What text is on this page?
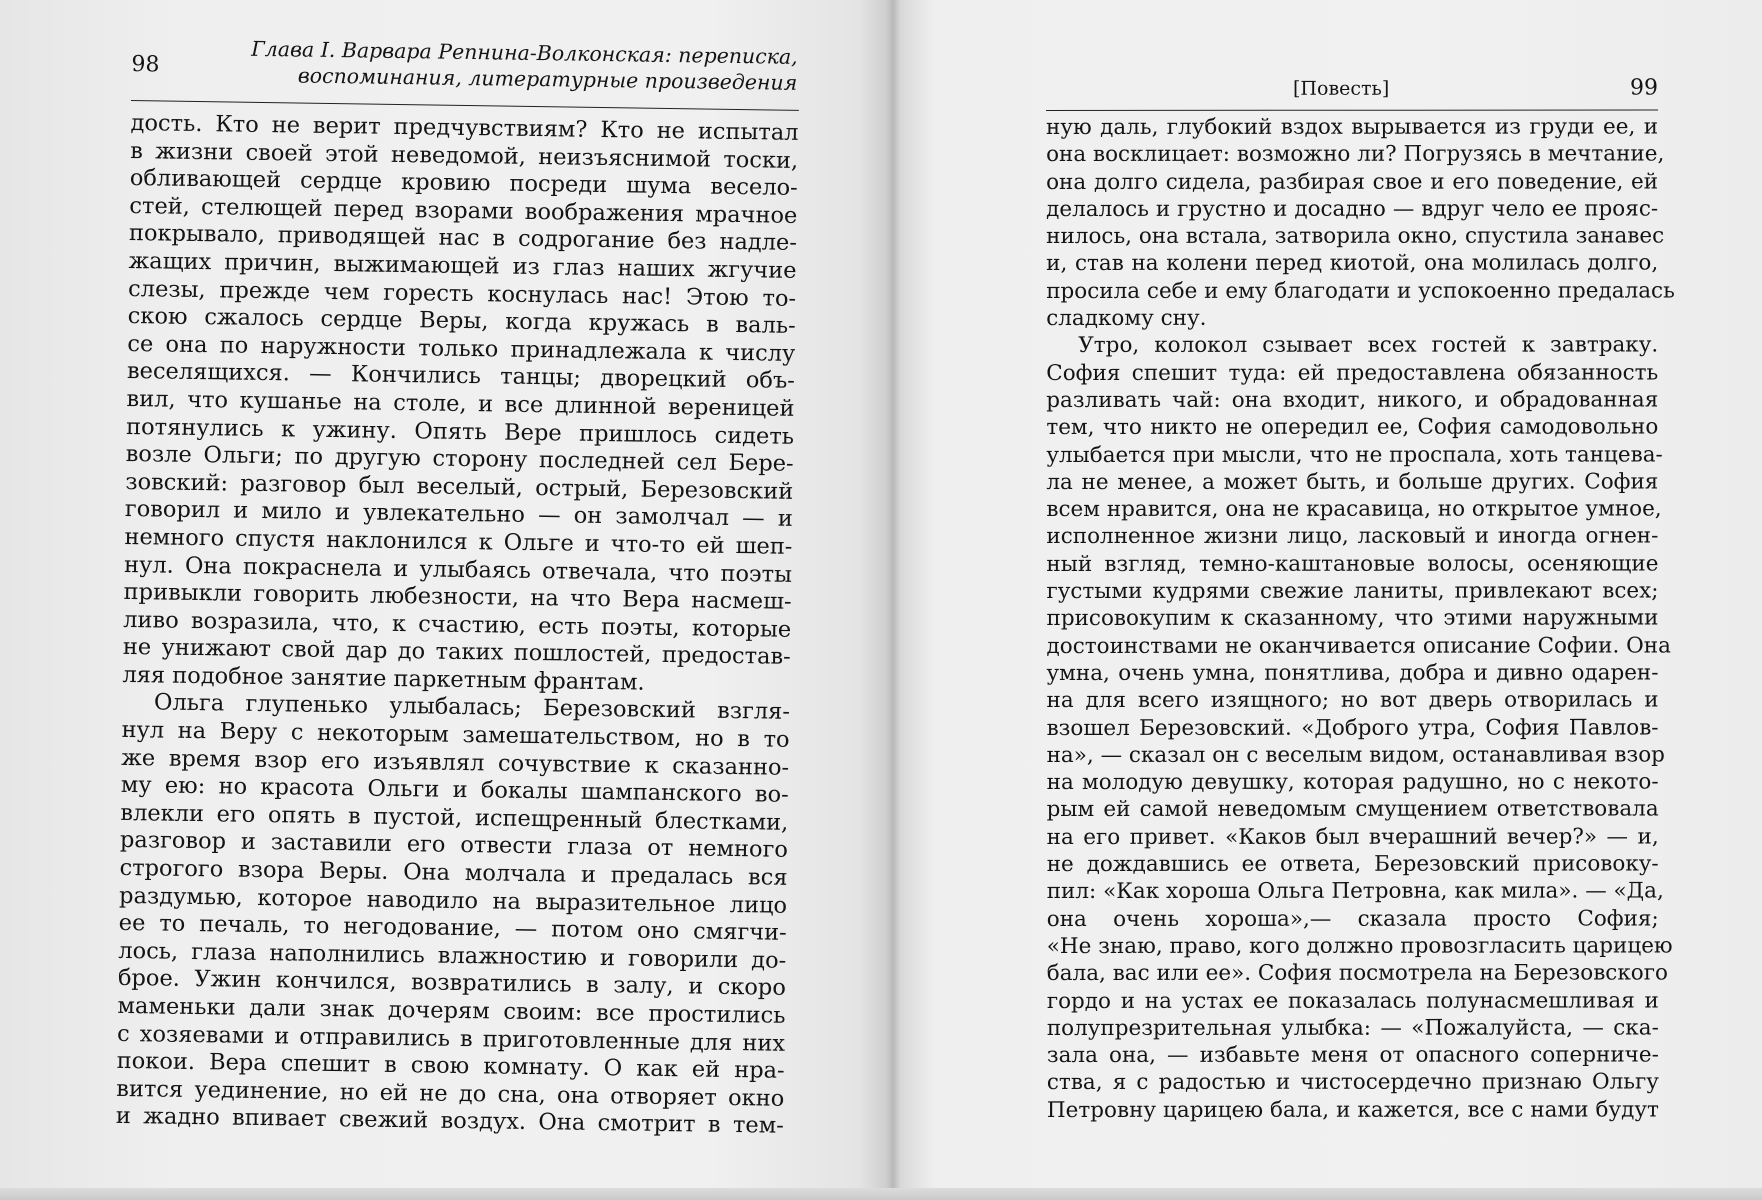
98	Глава I. Варвара Репнина-Волконская: переписка,
воспоминания, литературные произведения
дость. Кто не верит предчувствиям? Кто не испытал
в жизни своей этой неведомой, неизъяснимой тоски,
обливающей сердце кровию посреди шума весело-
стей, стелющей перед взорами воображения мрачное
покрывало, приводящей нас в содрогание без надле-
жащих причин, выжимающей из глаз наших жгучие
слезы, прежде чем горесть коснулась нас! Этою то-
скою сжалось сердце Веры, когда кружась в валь-
се она по наружности только принадлежала к числу
веселящихся. — Кончились танцы; дворецкий объ-
вил, что кушанье на столе, и все длинной вереницей
потянулись к ужину. Опять Вере пришлось сидеть
возле Ольги; по другую сторону последней сел Бере-
зовский: разговор был веселый, острый, Березовский
говорил и мило и увлекательно — он замолчал — и
немного спустя наклонился к Ольге и что-то ей шеп-
нул. Она покраснела и улыбаясь отвечала, что поэты
привыкли говорить любезности, на что Вера насмеш-
ливо возразила, что, к счастию, есть поэты, которые
не унижают свой дар до таких пошлостей, предостав-
ляя подобное занятие паркетным франтам.
Ольга глупенько улыбалась; Березовский взгля-
нул на Веру с некоторым замешательством, но в то
же время взор его изъявлял сочувствие к сказанно-
му ею: но красота Ольги и бокалы шампанского во-
влекли его опять в пустой, испещренный блестками,
разговор и заставили его отвести глаза от немного
строгого взора Веры. Она молчала и предалась вся
раздумью, которое наводило на выразительное лицо
ее то печаль, то негодование, — потом оно смягчи-
лось, глаза наполнились влажностию и говорили до-
брое. Ужин кончился, возвратились в залу, и скоро
маменьки дали знак дочерям своим: все простились
с хозяевами и отправились в приготовленные для них
покои. Вера спешит в свою комнату. О как ей нра-
вится уединение, но ей не до сна, она отворяет окно
и жадно впивает свежий воздух. Она смотрит в тем-
[Повесть]	99
ную даль, глубокий вздох вырывается из груди ее, и
она восклицает: возможно ли? Погрузясь в мечтание,
она долго сидела, разбирая свое и его поведение, ей
делалось и грустно и досадно — вдруг чело ее прояс-
нилось, она встала, затворила окно, спустила занавес
и, став на колени перед киотой, она молилась долго,
просила себе и ему благодати и успокоенно предалась
сладкому сну.
Утро, колокол сзывает всех гостей к завтраку.
София спешит туда: ей предоставлена обязанность
разливать чай: она входит, никого, и обрадованная
тем, что никто не опередил ее, София самодовольно
улыбается при мысли, что не проспала, хоть танцева-
ла не менее, а может быть, и больше других. София
всем нравится, она не красавица, но открытое умное,
исполненное жизни лицо, ласковый и иногда огнен-
ный взгляд, темно-каштановые волосы, осеняющие
густыми кудрями свежие ланиты, привлекают всех;
присовокупим к сказанному, что этими наружными
достоинствами не оканчивается описание Софии. Она
умна, очень умна, понятлива, добра и дивно одарен-
на для всего изящного; но вот дверь отворилась и
взошел Березовский. «Доброго утра, София Павлов-
на», — сказал он с веселым видом, останавливая взор
на молодую девушку, которая радушно, но с некото-
рым ей самой неведомым смущением ответствовала
на его привет. «Каков был вчерашний вечер?» — и,
не дождавшись ее ответа, Березовский присовоку-
пил: «Как хороша Ольга Петровна, как мила». — «Да,
она очень хороша»,— сказала просто София;
«Не знаю, право, кого должно провозгласить царицею
бала, вас или ее». София посмотрела на Березовского
гордо и на устах ее показалась полунасмешливая и
полупрезрительная улыбка: — «Пожалуйста, — ска-
зала она, — избавьте меня от опасного соперниче-
ства, я с радостью и чистосердечно признаю Ольгу
Петровну царицею бала, и кажется, все с нами будут
